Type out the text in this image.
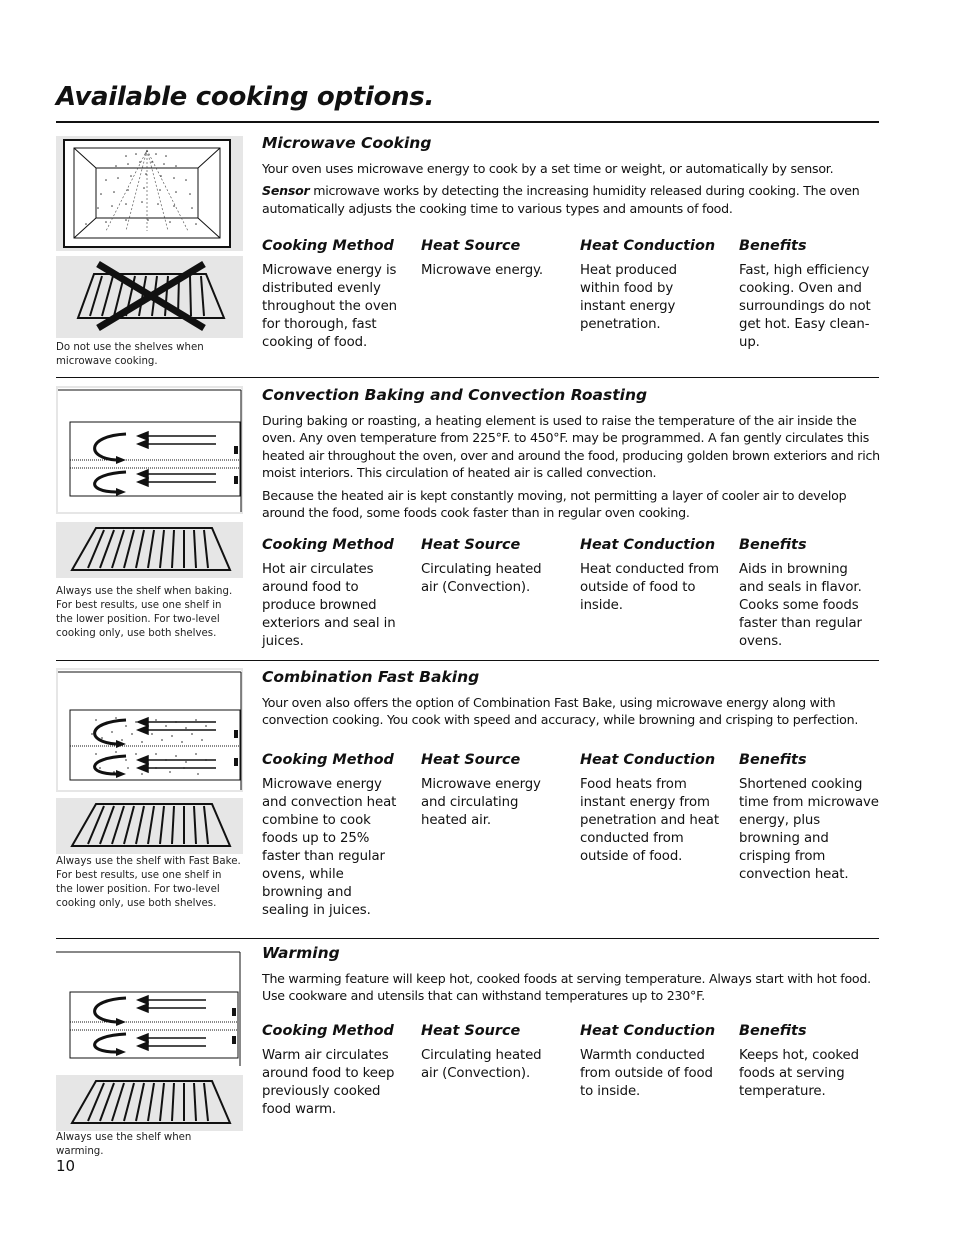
Available cooking options.
Do not use the shelves when microwave cooking.
Microwave Cooking

Your oven uses microwave energy to cook by a set time or weight, or automatically by sensor.

Sensor microwave works by detecting the increasing humidity released during cooking. The oven automatically adjusts the cooking time to various types and amounts of food.

Cooking Method
Microwave energy is distributed evenly throughout the oven for thorough, fast cooking of food.
Heat Source
Microwave energy.
Heat Conduction
Heat produced within food by instant energy penetration.
Benefits
Fast, high efficiency cooking. Oven and surroundings do not get hot. Easy clean-up.
Always use the shelf when baking. For best results, use one shelf in the lower position. For two-level cooking only, use both shelves.
Convection Baking and Convection Roasting

During baking or roasting, a heating element is used to raise the temperature of the air inside the oven. Any oven temperature from 225°F. to 450°F. may be programmed. A fan gently circulates this heated air throughout the oven, over and around the food, producing golden brown exteriors and rich moist interiors. This circulation of heated air is called convection.

Because the heated air is kept constantly moving, not permitting a layer of cooler air to develop around the food, some foods cook faster than in regular oven cooking.

Cooking Method
Hot air circulates around food to produce browned exteriors and seal in juices.
Heat Source
Circulating heated air (Convection).
Heat Conduction
Heat conducted from outside of food to inside.
Benefits
Aids in browning and seals in flavor. Cooks some foods faster than regular ovens.
Always use the shelf with Fast Bake. For best results, use one shelf in the lower position. For two-level cooking only, use both shelves.
Combination Fast Baking

Your oven also offers the option of Combination Fast Bake, using microwave energy along with convection cooking. You cook with speed and accuracy, while browning and crisping to perfection.

Cooking Method
Microwave energy and convection heat combine to cook foods up to 25% faster than regular ovens, while browning and sealing in juices.
Heat Source
Microwave energy and circulating heated air.
Heat Conduction
Food heats from instant energy from penetration and heat conducted from outside of food.
Benefits
Shortened cooking time from microwave energy, plus browning and crisping from convection heat.
Always use the shelf when warming.
Warming

The warming feature will keep hot, cooked foods at serving temperature. Always start with hot food. Use cookware and utensils that can withstand temperatures up to 230°F.

Cooking Method
Warm air circulates around food to keep previously cooked food warm.
Heat Source
Circulating heated air (Convection).
Heat Conduction
Warmth conducted from outside of food to inside.
Benefits
Keeps hot, cooked foods at serving temperature.
10
